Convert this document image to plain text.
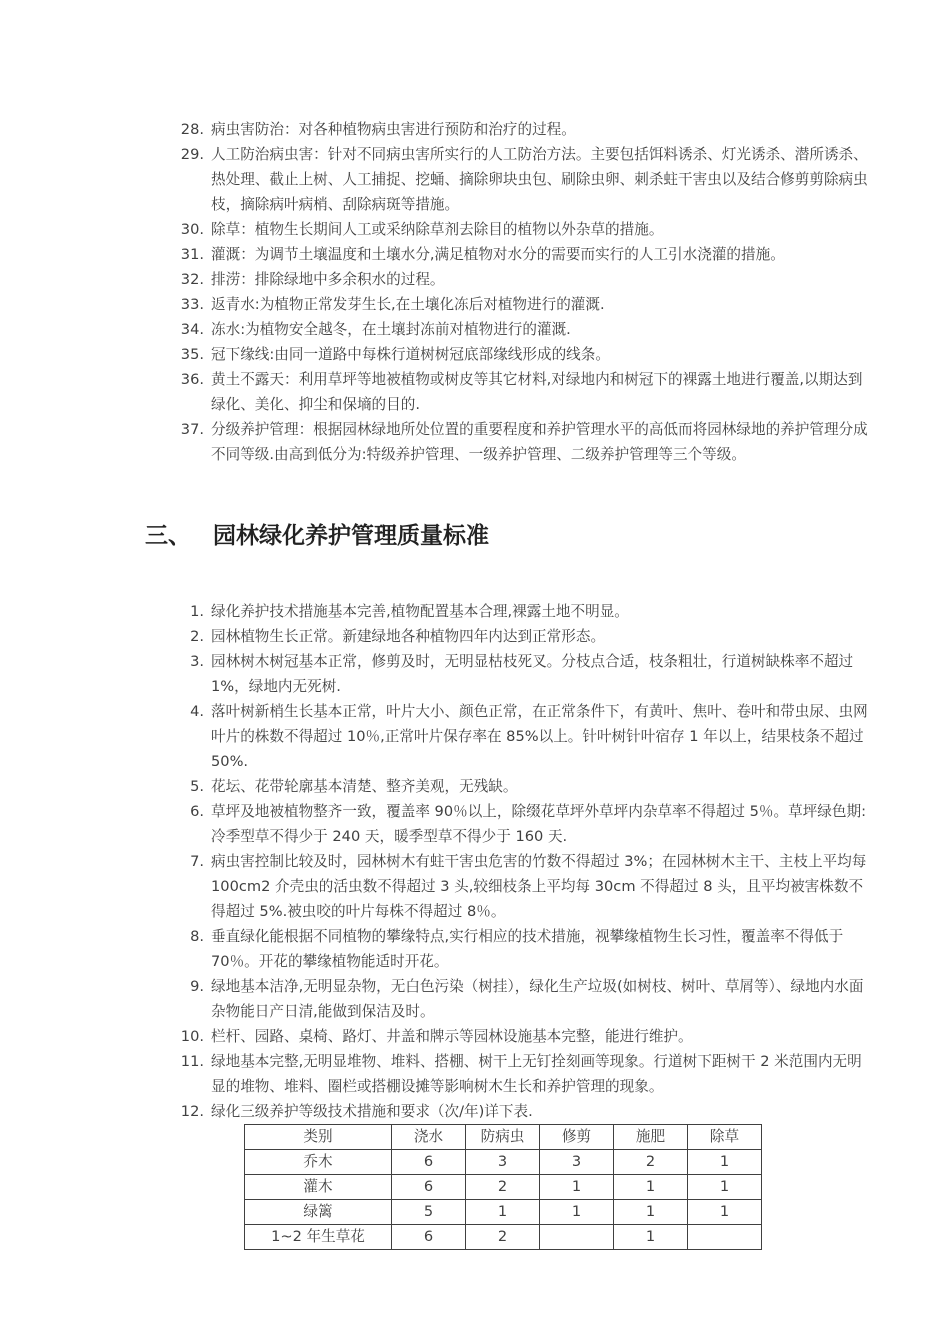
28. 病虫害防治：对各种植物病虫害进行预防和治疗的过程。
29. 人工防治病虫害：针对不同病虫害所实行的人工防治方法。主要包括饵料诱杀、灯光诱杀、潜所诱杀、热处理、截止上树、人工捕捉、挖蛹、摘除卵块虫包、刷除虫卵、刺杀蛀干害虫以及结合修剪剪除病虫枝，摘除病叶病梢、刮除病斑等措施。
30. 除草：植物生长期间人工或采纳除草剂去除目的植物以外杂草的措施。
31. 灌溉：为调节土壤温度和土壤水分,满足植物对水分的需要而实行的人工引水浇灌的措施。
32. 排涝：排除绿地中多余积水的过程。
33. 返青水:为植物正常发芽生长,在土壤化冻后对植物进行的灌溉.
34. 冻水:为植物安全越冬，在土壤封冻前对植物进行的灌溉.
35. 冠下缘线:由同一道路中每株行道树树冠底部缘线形成的线条。
36. 黄土不露天：利用草坪等地被植物或树皮等其它材料,对绿地内和树冠下的裸露土地进行覆盖,以期达到绿化、美化、抑尘和保墒的目的.
37. 分级养护管理：根据园林绿地所处位置的重要程度和养护管理水平的高低而将园林绿地的养护管理分成不同等级.由高到低分为:特级养护管理、一级养护管理、二级养护管理等三个等级。
三、 园林绿化养护管理质量标准
1. 绿化养护技术措施基本完善,植物配置基本合理,裸露土地不明显。
2. 园林植物生长正常。新建绿地各种植物四年内达到正常形态。
3. 园林树木树冠基本正常，修剪及时，无明显枯枝死叉。分枝点合适，枝条粗壮，行道树缺株率不超过 1%，绿地内无死树.
4. 落叶树新梢生长基本正常，叶片大小、颜色正常，在正常条件下，有黄叶、焦叶、卷叶和带虫尿、虫网叶片的株数不得超过 10％,正常叶片保存率在 85%以上。针叶树针叶宿存 1 年以上，结果枝条不超过 50%.
5. 花坛、花带轮廓基本清楚、整齐美观，无残缺。
6. 草坪及地被植物整齐一致，覆盖率 90％以上，除缀花草坪外草坪内杂草率不得超过 5％。草坪绿色期:冷季型草不得少于 240 天，暖季型草不得少于 160 天.
7. 病虫害控制比较及时，园林树木有蛀干害虫危害的竹数不得超过 3%；在园林树木主干、主枝上平均每 100cm2 介壳虫的活虫数不得超过 3 头,较细枝条上平均每 30cm 不得超过 8 头，且平均被害株数不得超过 5%.被虫咬的叶片每株不得超过 8％。
8. 垂直绿化能根据不同植物的攀缘特点,实行相应的技术措施，视攀缘植物生长习性，覆盖率不得低于 70％。开花的攀缘植物能适时开花。
9. 绿地基本洁净,无明显杂物，无白色污染（树挂），绿化生产垃圾(如树枝、树叶、草屑等）、绿地内水面杂物能日产日清,能做到保洁及时。
10. 栏杆、园路、桌椅、路灯、井盖和牌示等园林设施基本完整，能进行维护。
11. 绿地基本完整,无明显堆物、堆料、搭棚、树干上无钉拴刻画等现象。行道树下距树干 2 米范围内无明显的堆物、堆料、圈栏或搭棚设摊等影响树木生长和养护管理的现象。
12. 绿化三级养护等级技术措施和要求（次/年)详下表.
类别	浇水	防病虫	修剪	施肥	除草
乔木	6	3	3	2	1
灌木	6	2	1	1	1
绿篱	5	1	1	1	1
1~2 年生草花	6	2		1	
